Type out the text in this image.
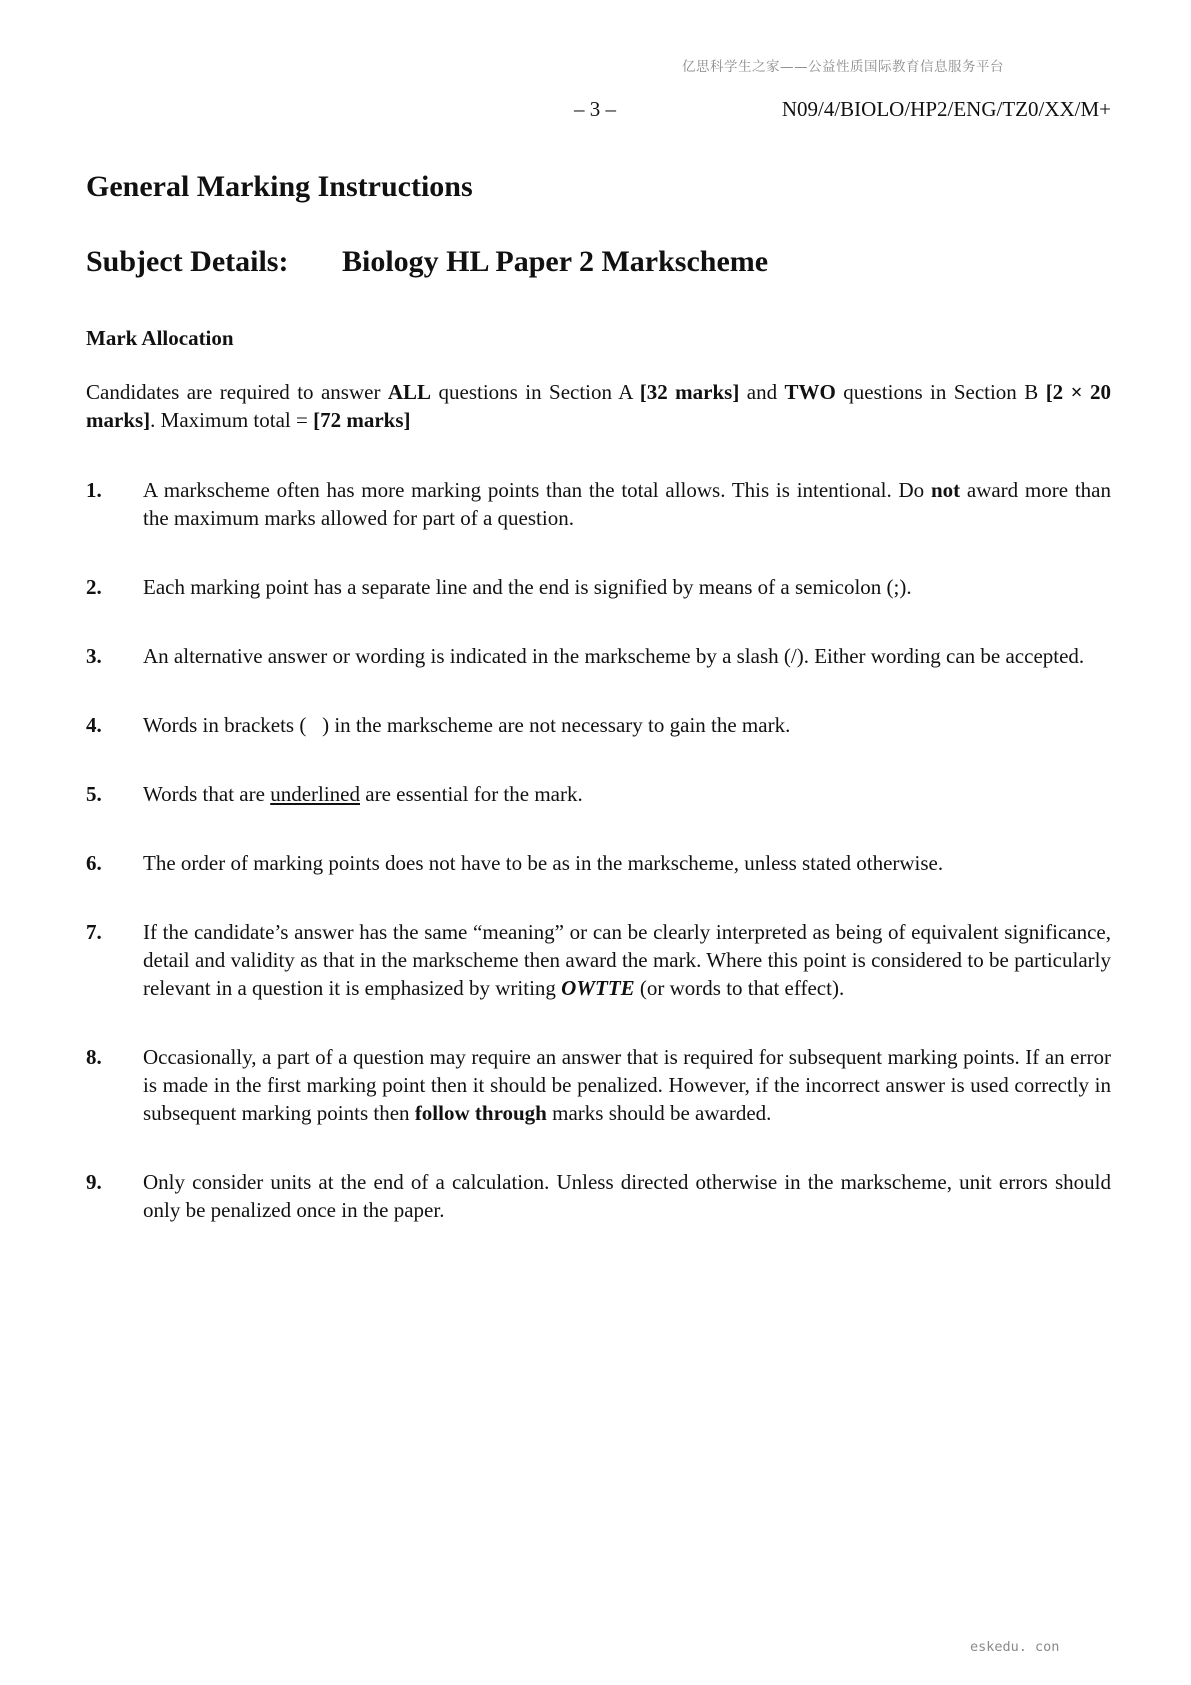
亿思科学生之家——公益性质国际教育信息服务平台
– 3 –	N09/4/BIOLO/HP2/ENG/TZ0/XX/M+
General Marking Instructions
Subject Details:	Biology HL Paper 2 Markscheme
Mark Allocation
Candidates are required to answer ALL questions in Section A [32 marks] and TWO questions in Section B [2 × 20 marks]. Maximum total = [72 marks]
1.	A markscheme often has more marking points than the total allows. This is intentional. Do not award more than the maximum marks allowed for part of a question.
2.	Each marking point has a separate line and the end is signified by means of a semicolon (;).
3.	An alternative answer or wording is indicated in the markscheme by a slash (/). Either wording can be accepted.
4.	Words in brackets (   ) in the markscheme are not necessary to gain the mark.
5.	Words that are underlined are essential for the mark.
6.	The order of marking points does not have to be as in the markscheme, unless stated otherwise.
7.	If the candidate’s answer has the same “meaning” or can be clearly interpreted as being of equivalent significance, detail and validity as that in the markscheme then award the mark. Where this point is considered to be particularly relevant in a question it is emphasized by writing OWTTE (or words to that effect).
8.	Occasionally, a part of a question may require an answer that is required for subsequent marking points. If an error is made in the first marking point then it should be penalized. However, if the incorrect answer is used correctly in subsequent marking points then follow through marks should be awarded.
9.	Only consider units at the end of a calculation. Unless directed otherwise in the markscheme, unit errors should only be penalized once in the paper.
eskedu. con
